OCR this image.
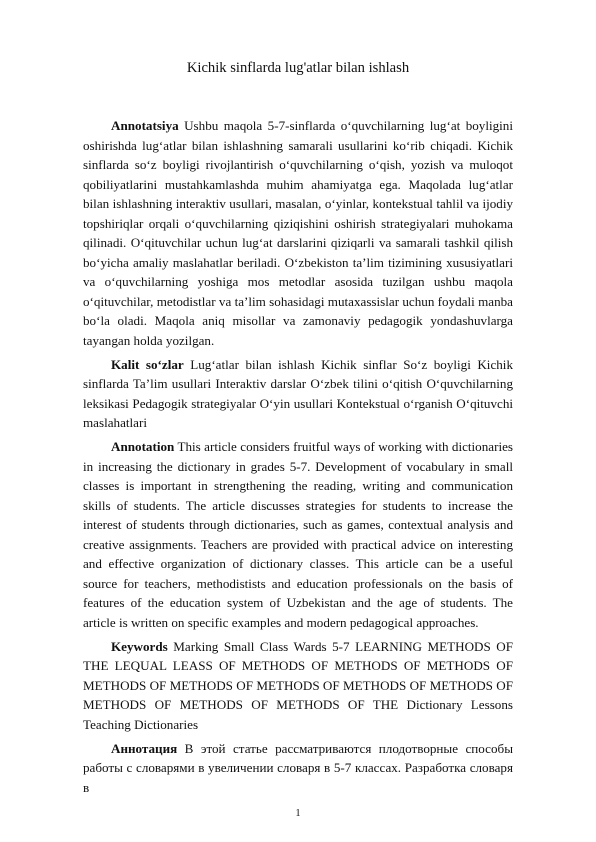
Kichik sinflarda lug'atlar bilan ishlash

Annotatsiya Ushbu maqola 5-7-sinflarda o‘quvchilarning lug‘at boyligini oshirishda lug‘atlar bilan ishlashning samarali usullarini ko‘rib chiqadi. Kichik sinflarda so‘z boyligi rivojlantirish o‘quvchilarning o‘qish, yozish va muloqot qobiliyatlarini mustahkamlashda muhim ahamiyatga ega. Maqolada lug‘atlar bilan ishlashning interaktiv usullari, masalan, o‘yinlar, kontekstual tahlil va ijodiy topshiriqlar orqali o‘quvchilarning qiziqishini oshirish strategiyalari muhokama qilinadi. O‘qituvchilar uchun lug‘at darslarini qiziqarli va samarali tashkil qilish bo‘yicha amaliy maslahatlar beriladi. O‘zbekiston ta’lim tizimining xususiyatlari va o‘quvchilarning yoshiga mos metodlar asosida tuzilgan ushbu maqola o‘qituvchilar, metodistlar va ta’lim sohasidagi mutaxassislar uchun foydali manba bo‘la oladi. Maqola aniq misollar va zamonaviy pedagogik yondashuvlarga tayangan holda yozilgan.

Kalit so‘zlar Lug‘atlar bilan ishlash Kichik sinflar So‘z boyligi Kichik sinflarda Ta’lim usullari Interaktiv darslar O‘zbek tilini o‘qitish O‘quvchilarning leksikasi Pedagogik strategiyalar O‘yin usullari Kontekstual o‘rganish O‘qituvchi maslahatlari

Annotation This article considers fruitful ways of working with dictionaries in increasing the dictionary in grades 5-7. Development of vocabulary in small classes is important in strengthening the reading, writing and communication skills of students. The article discusses strategies for students to increase the interest of students through dictionaries, such as games, contextual analysis and creative assignments. Teachers are provided with practical advice on interesting and effective organization of dictionary classes. This article can be a useful source for teachers, methodistists and education professionals on the basis of features of the education system of Uzbekistan and the age of students. The article is written on specific examples and modern pedagogical approaches.

Keywords Marking Small Class Wards 5-7 LEARNING METHODS OF THE LEQUAL LEASS OF METHODS OF METHODS OF METHODS OF METHODS OF METHODS OF METHODS OF METHODS OF METHODS OF METHODS OF METHODS OF METHODS OF THE Dictionary Lessons Teaching Dictionaries

Аннотация В этой статье рассматриваются плодотворные способы работы с словарями в увеличении словаря в 5-7 классах. Разработка словаря в

1
